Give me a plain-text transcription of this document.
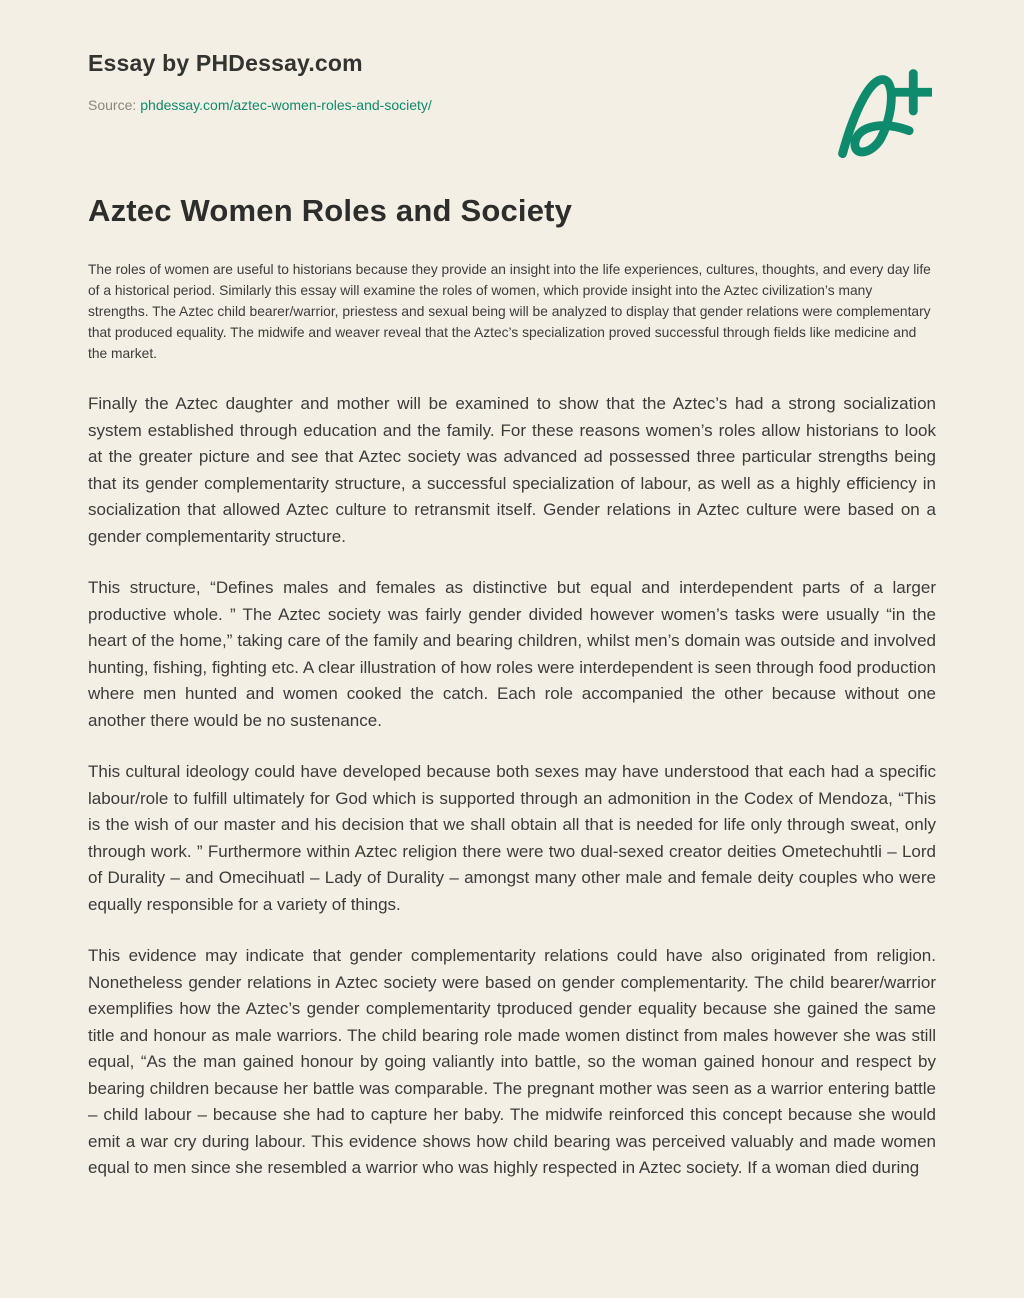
Essay by PHDessay.com

Source: phdessay.com/aztec-women-roles-and-society/

Aztec Women Roles and Society

The roles of women are useful to historians because they provide an insight into the life experiences, cultures, thoughts, and every day life of a historical period. Similarly this essay will examine the roles of women, which provide insight into the Aztec civilization’s many strengths. The Aztec child bearer/warrior, priestess and sexual being will be analyzed to display that gender relations were complementary that produced equality. The midwife and weaver reveal that the Aztec’s specialization proved successful through fields like medicine and the market.

Finally the Aztec daughter and mother will be examined to show that the Aztec’s had a strong socialization system established through education and the family. For these reasons women’s roles allow historians to look at the greater picture and see that Aztec society was advanced ad possessed three particular strengths being that its gender complementarity structure, a successful specialization of labour, as well as a highly efficiency in socialization that allowed Aztec culture to retransmit itself. Gender relations in Aztec culture were based on a gender complementarity structure.

This structure, “Defines males and females as distinctive but equal and interdependent parts of a larger productive whole. ” The Aztec society was fairly gender divided however women’s tasks were usually “in the heart of the home,” taking care of the family and bearing children, whilst men’s domain was outside and involved hunting, fishing, fighting etc. A clear illustration of how roles were interdependent is seen through food production where men hunted and women cooked the catch. Each role accompanied the other because without one another there would be no sustenance.

This cultural ideology could have developed because both sexes may have understood that each had a specific labour/role to fulfill ultimately for God which is supported through an admonition in the Codex of Mendoza, “This is the wish of our master and his decision that we shall obtain all that is needed for life only through sweat, only through work. ” Furthermore within Aztec religion there were two dual-sexed creator deities Ometechuhtli – Lord of Durality – and Omecihuatl – Lady of Durality – amongst many other male and female deity couples who were equally responsible for a variety of things.

This evidence may indicate that gender complementarity relations could have also originated from religion. Nonetheless gender relations in Aztec society were based on gender complementarity. The child bearer/warrior exemplifies how the Aztec’s gender complementarity tproduced gender equality because she gained the same title and honour as male warriors. The child bearing role made women distinct from males however she was still equal, “As the man gained honour by going valiantly into battle, so the woman gained honour and respect by bearing children because her battle was comparable. The pregnant mother was seen as a warrior entering battle – child labour – because she had to capture her baby. The midwife reinforced this concept because she would emit a war cry during labour. This evidence shows how child bearing was perceived valuably and made women equal to men since she resembled a warrior who was highly respected in Aztec society. If a woman died during
